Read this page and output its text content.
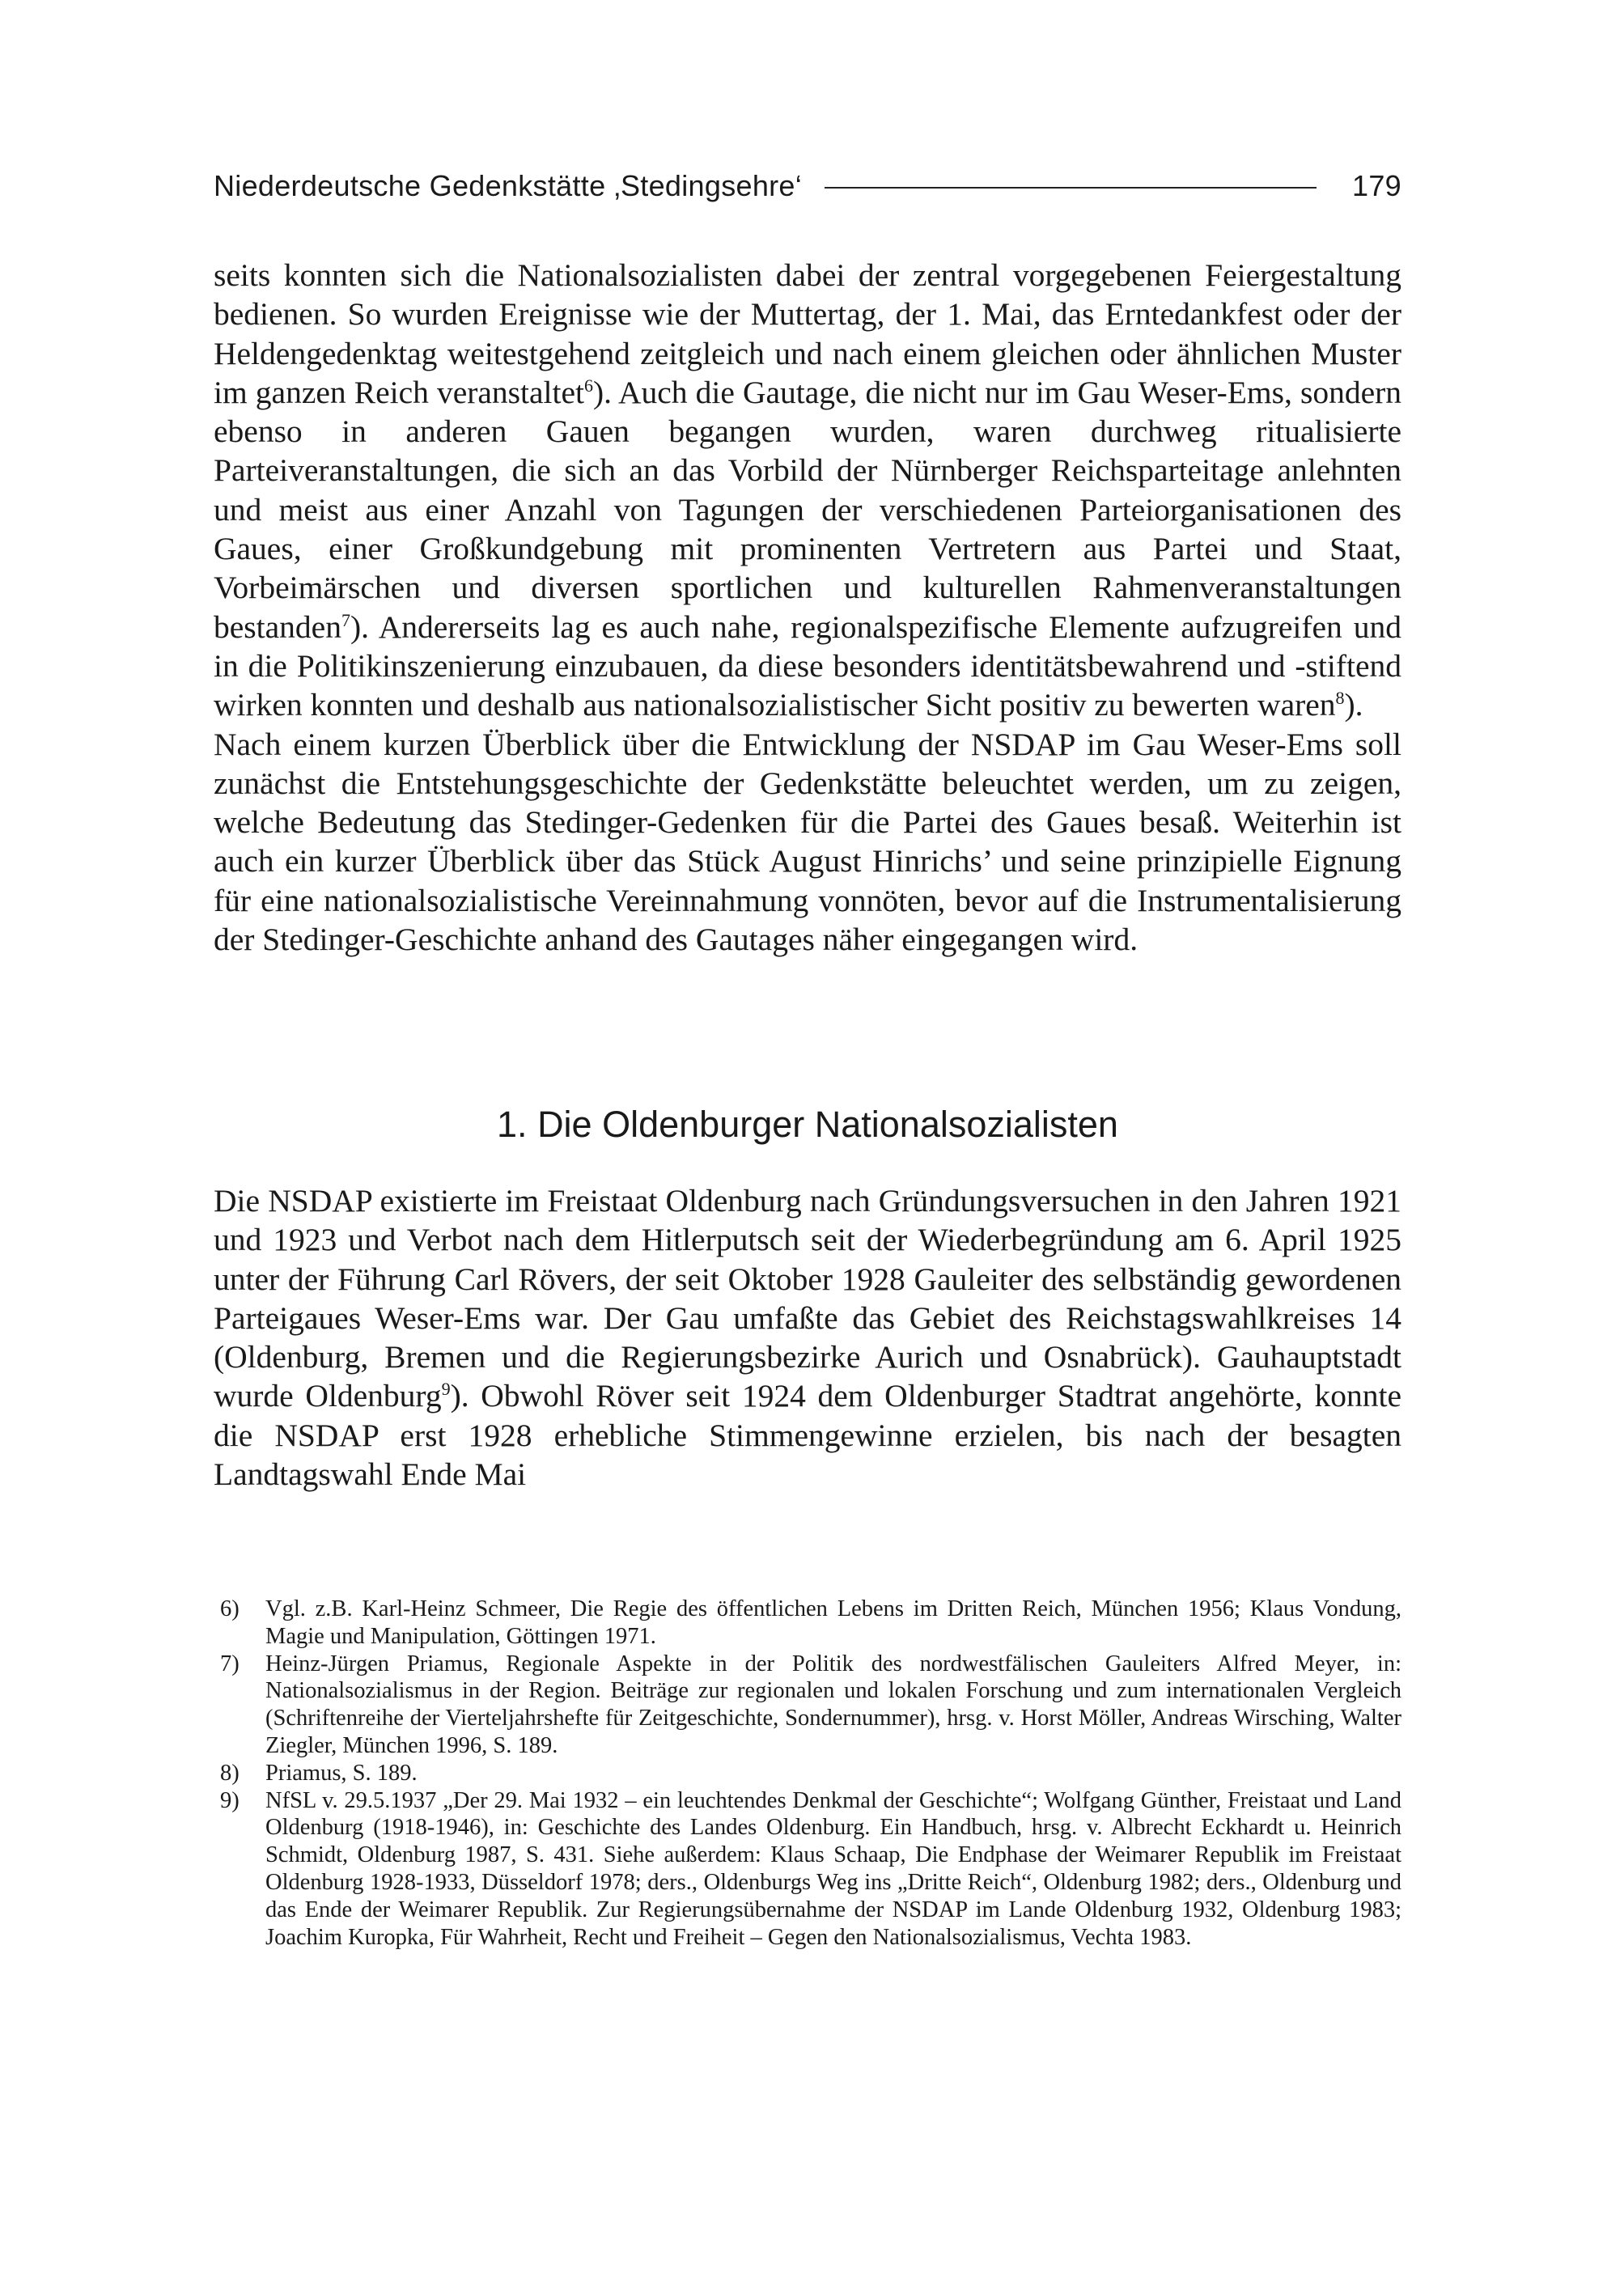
Niederdeutsche Gedenkstätte ‚Stedingsehre‘	179

seits konnten sich die Nationalsozialisten dabei der zentral vorgegebenen Feiergestaltung bedienen. So wurden Ereignisse wie der Muttertag, der 1. Mai, das Erntedankfest oder der Heldengedenktag weitestgehend zeitgleich und nach einem gleichen oder ähnlichen Muster im ganzen Reich veranstaltet$^6$). Auch die Gautage, die nicht nur im Gau Weser-Ems, sondern ebenso in anderen Gauen begangen wurden, waren durchweg ritualisierte Parteiveranstaltungen, die sich an das Vorbild der Nürnberger Reichsparteitage anlehnten und meist aus einer Anzahl von Tagungen der verschiedenen Parteiorganisationen des Gaues, einer Großkundgebung mit prominenten Vertretern aus Partei und Staat, Vorbeimärschen und diversen sportlichen und kulturellen Rahmenveranstaltungen bestanden$^7$). Andererseits lag es auch nahe, regionalspezifische Elemente aufzugreifen und in die Politikinszenierung einzubauen, da diese besonders identitätsbewahrend und -stiftend wirken konnten und deshalb aus nationalsozialistischer Sicht positiv zu bewerten waren$^8$).

Nach einem kurzen Überblick über die Entwicklung der NSDAP im Gau Weser-Ems soll zunächst die Entstehungsgeschichte der Gedenkstätte beleuchtet werden, um zu zeigen, welche Bedeutung das Stedinger-Gedenken für die Partei des Gaues besaß. Weiterhin ist auch ein kurzer Überblick über das Stück August Hinrichs’ und seine prinzipielle Eignung für eine nationalsozialistische Vereinnahmung vonnöten, bevor auf die Instrumentalisierung der Stedinger-Geschichte anhand des Gautages näher eingegangen wird.

1. Die Oldenburger Nationalsozialisten

Die NSDAP existierte im Freistaat Oldenburg nach Gründungsversuchen in den Jahren 1921 und 1923 und Verbot nach dem Hitlerputsch seit der Wiederbegründung am 6. April 1925 unter der Führung Carl Rövers, der seit Oktober 1928 Gauleiter des selbständig gewordenen Parteigaues Weser-Ems war. Der Gau umfaßte das Gebiet des Reichstagswahlkreises 14 (Oldenburg, Bremen und die Regierungsbezirke Aurich und Osnabrück). Gauhauptstadt wurde Oldenburg$^9$). Obwohl Röver seit 1924 dem Oldenburger Stadtrat angehörte, konnte die NSDAP erst 1928 erhebliche Stimmengewinne erzielen, bis nach der besagten Landtagswahl Ende Mai

6)	Vgl. z.B. Karl-Heinz Schmeer, Die Regie des öffentlichen Lebens im Dritten Reich, München 1956; Klaus Vondung, Magie und Manipulation, Göttingen 1971.
7)	Heinz-Jürgen Priamus, Regionale Aspekte in der Politik des nordwestfälischen Gauleiters Alfred Meyer, in: Nationalsozialismus in der Region. Beiträge zur regionalen und lokalen Forschung und zum internationalen Vergleich (Schriftenreihe der Vierteljahrshefte für Zeitgeschichte, Sondernummer), hrsg. v. Horst Möller, Andreas Wirsching, Walter Ziegler, München 1996, S. 189.
8)	Priamus, S. 189.
9)	NfSL v. 29.5.1937 „Der 29. Mai 1932 – ein leuchtendes Denkmal der Geschichte“; Wolfgang Günther, Freistaat und Land Oldenburg (1918-1946), in: Geschichte des Landes Oldenburg. Ein Handbuch, hrsg. v. Albrecht Eckhardt u. Heinrich Schmidt, Oldenburg 1987, S. 431. Siehe außerdem: Klaus Schaap, Die Endphase der Weimarer Republik im Freistaat Oldenburg 1928-1933, Düsseldorf 1978; ders., Oldenburgs Weg ins „Dritte Reich“, Oldenburg 1982; ders., Oldenburg und das Ende der Weimarer Republik. Zur Regierungsübernahme der NSDAP im Lande Oldenburg 1932, Oldenburg 1983; Joachim Kuropka, Für Wahrheit, Recht und Freiheit – Gegen den Nationalsozialismus, Vechta 1983.
